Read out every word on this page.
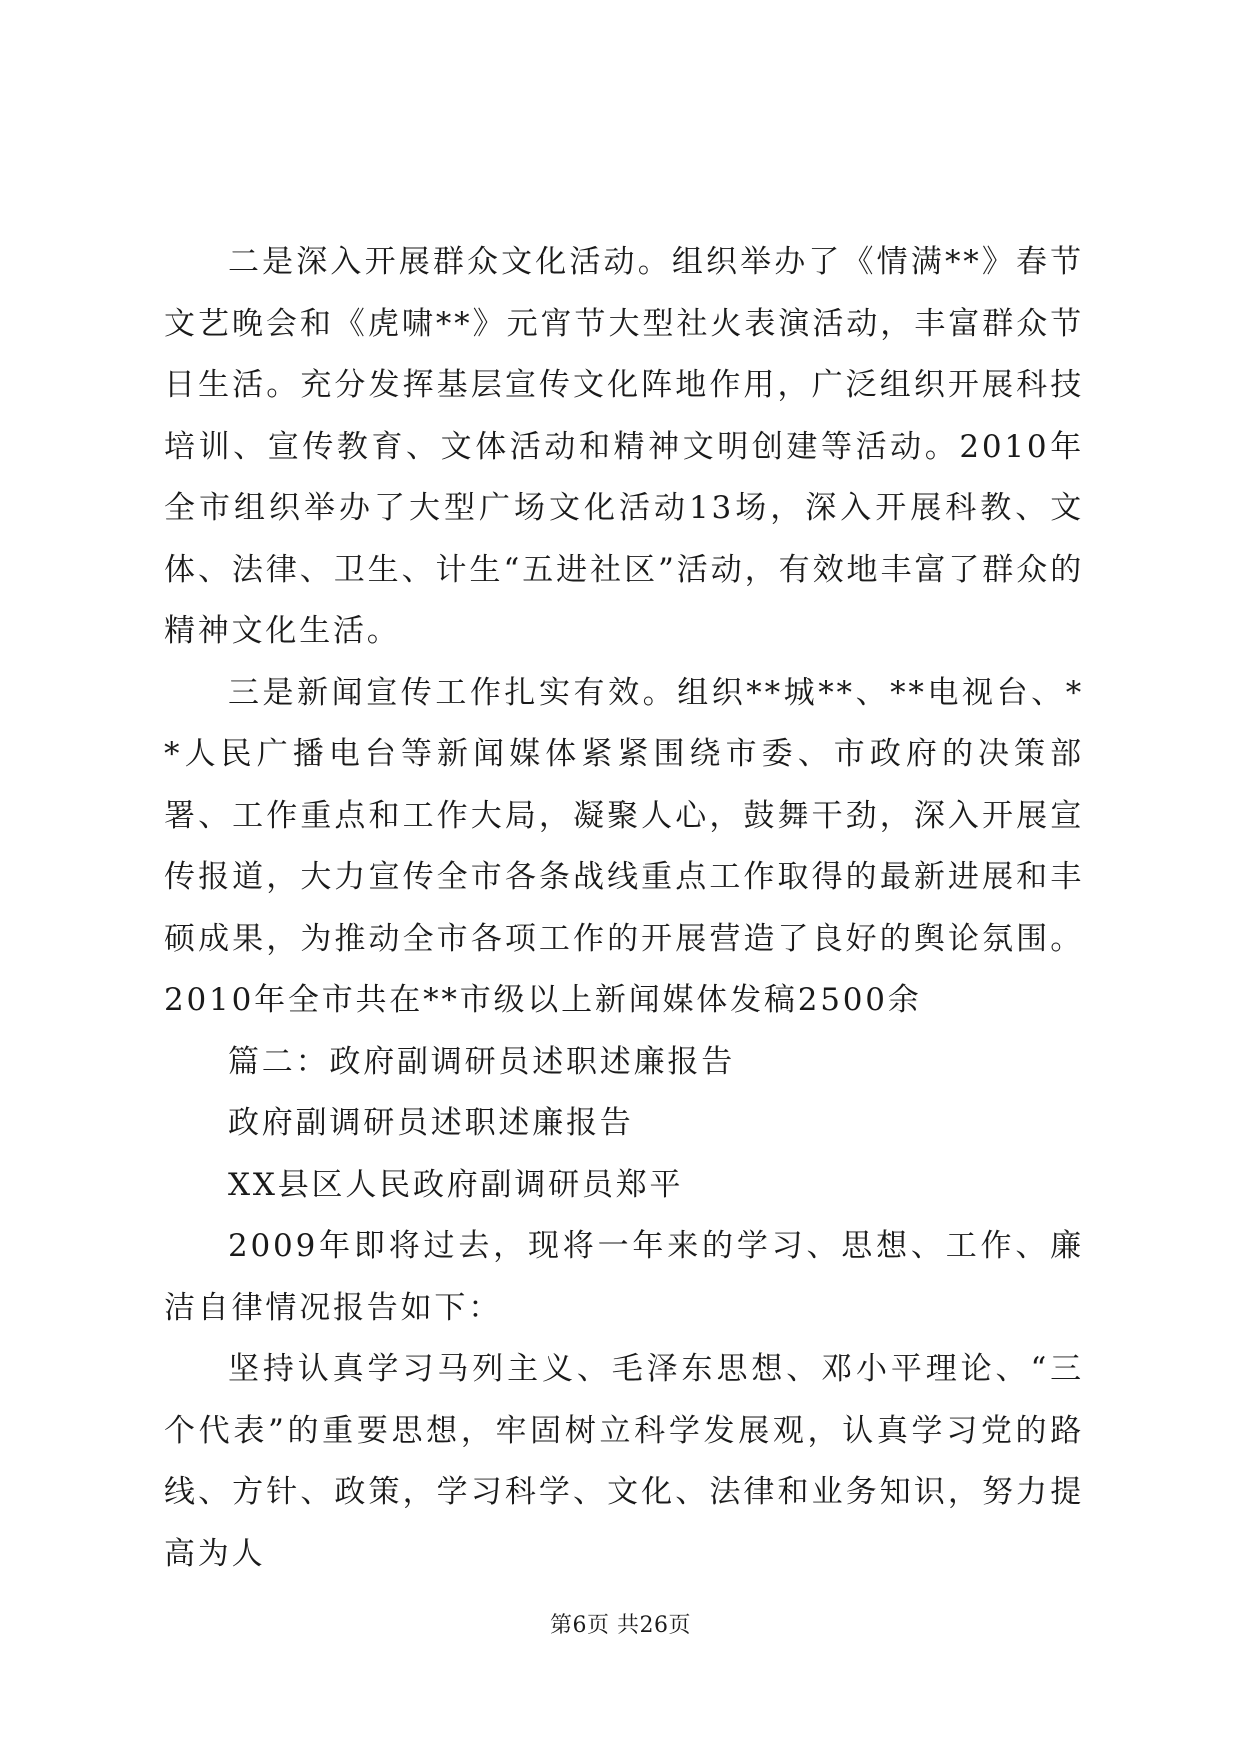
二是深入开展群众文化活动。组织举办了《情满**》春节文艺晚会和《虎啸**》元宵节大型社火表演活动，丰富群众节日生活。充分发挥基层宣传文化阵地作用，广泛组织开展科技培训、宣传教育、文体活动和精神文明创建等活动。2010年全市组织举办了大型广场文化活动13场，深入开展科教、文体、法律、卫生、计生“五进社区”活动，有效地丰富了群众的精神文化生活。

三是新闻宣传工作扎实有效。组织**城**、**电视台、**人民广播电台等新闻媒体紧紧围绕市委、市政府的决策部署、工作重点和工作大局，凝聚人心，鼓舞干劲，深入开展宣传报道，大力宣传全市各条战线重点工作取得的最新进展和丰硕成果，为推动全市各项工作的开展营造了良好的舆论氛围。2010年全市共在**市级以上新闻媒体发稿2500余

篇二：政府副调研员述职述廉报告

政府副调研员述职述廉报告

XX县区人民政府副调研员郑平

2009年即将过去，现将一年来的学习、思想、工作、廉洁自律情况报告如下：

坚持认真学习马列主义、毛泽东思想、邓小平理论、“三个代表”的重要思想，牢固树立科学发展观，认真学习党的路线、方针、政策，学习科学、文化、法律和业务知识，努力提高为人

第6页 共26页
